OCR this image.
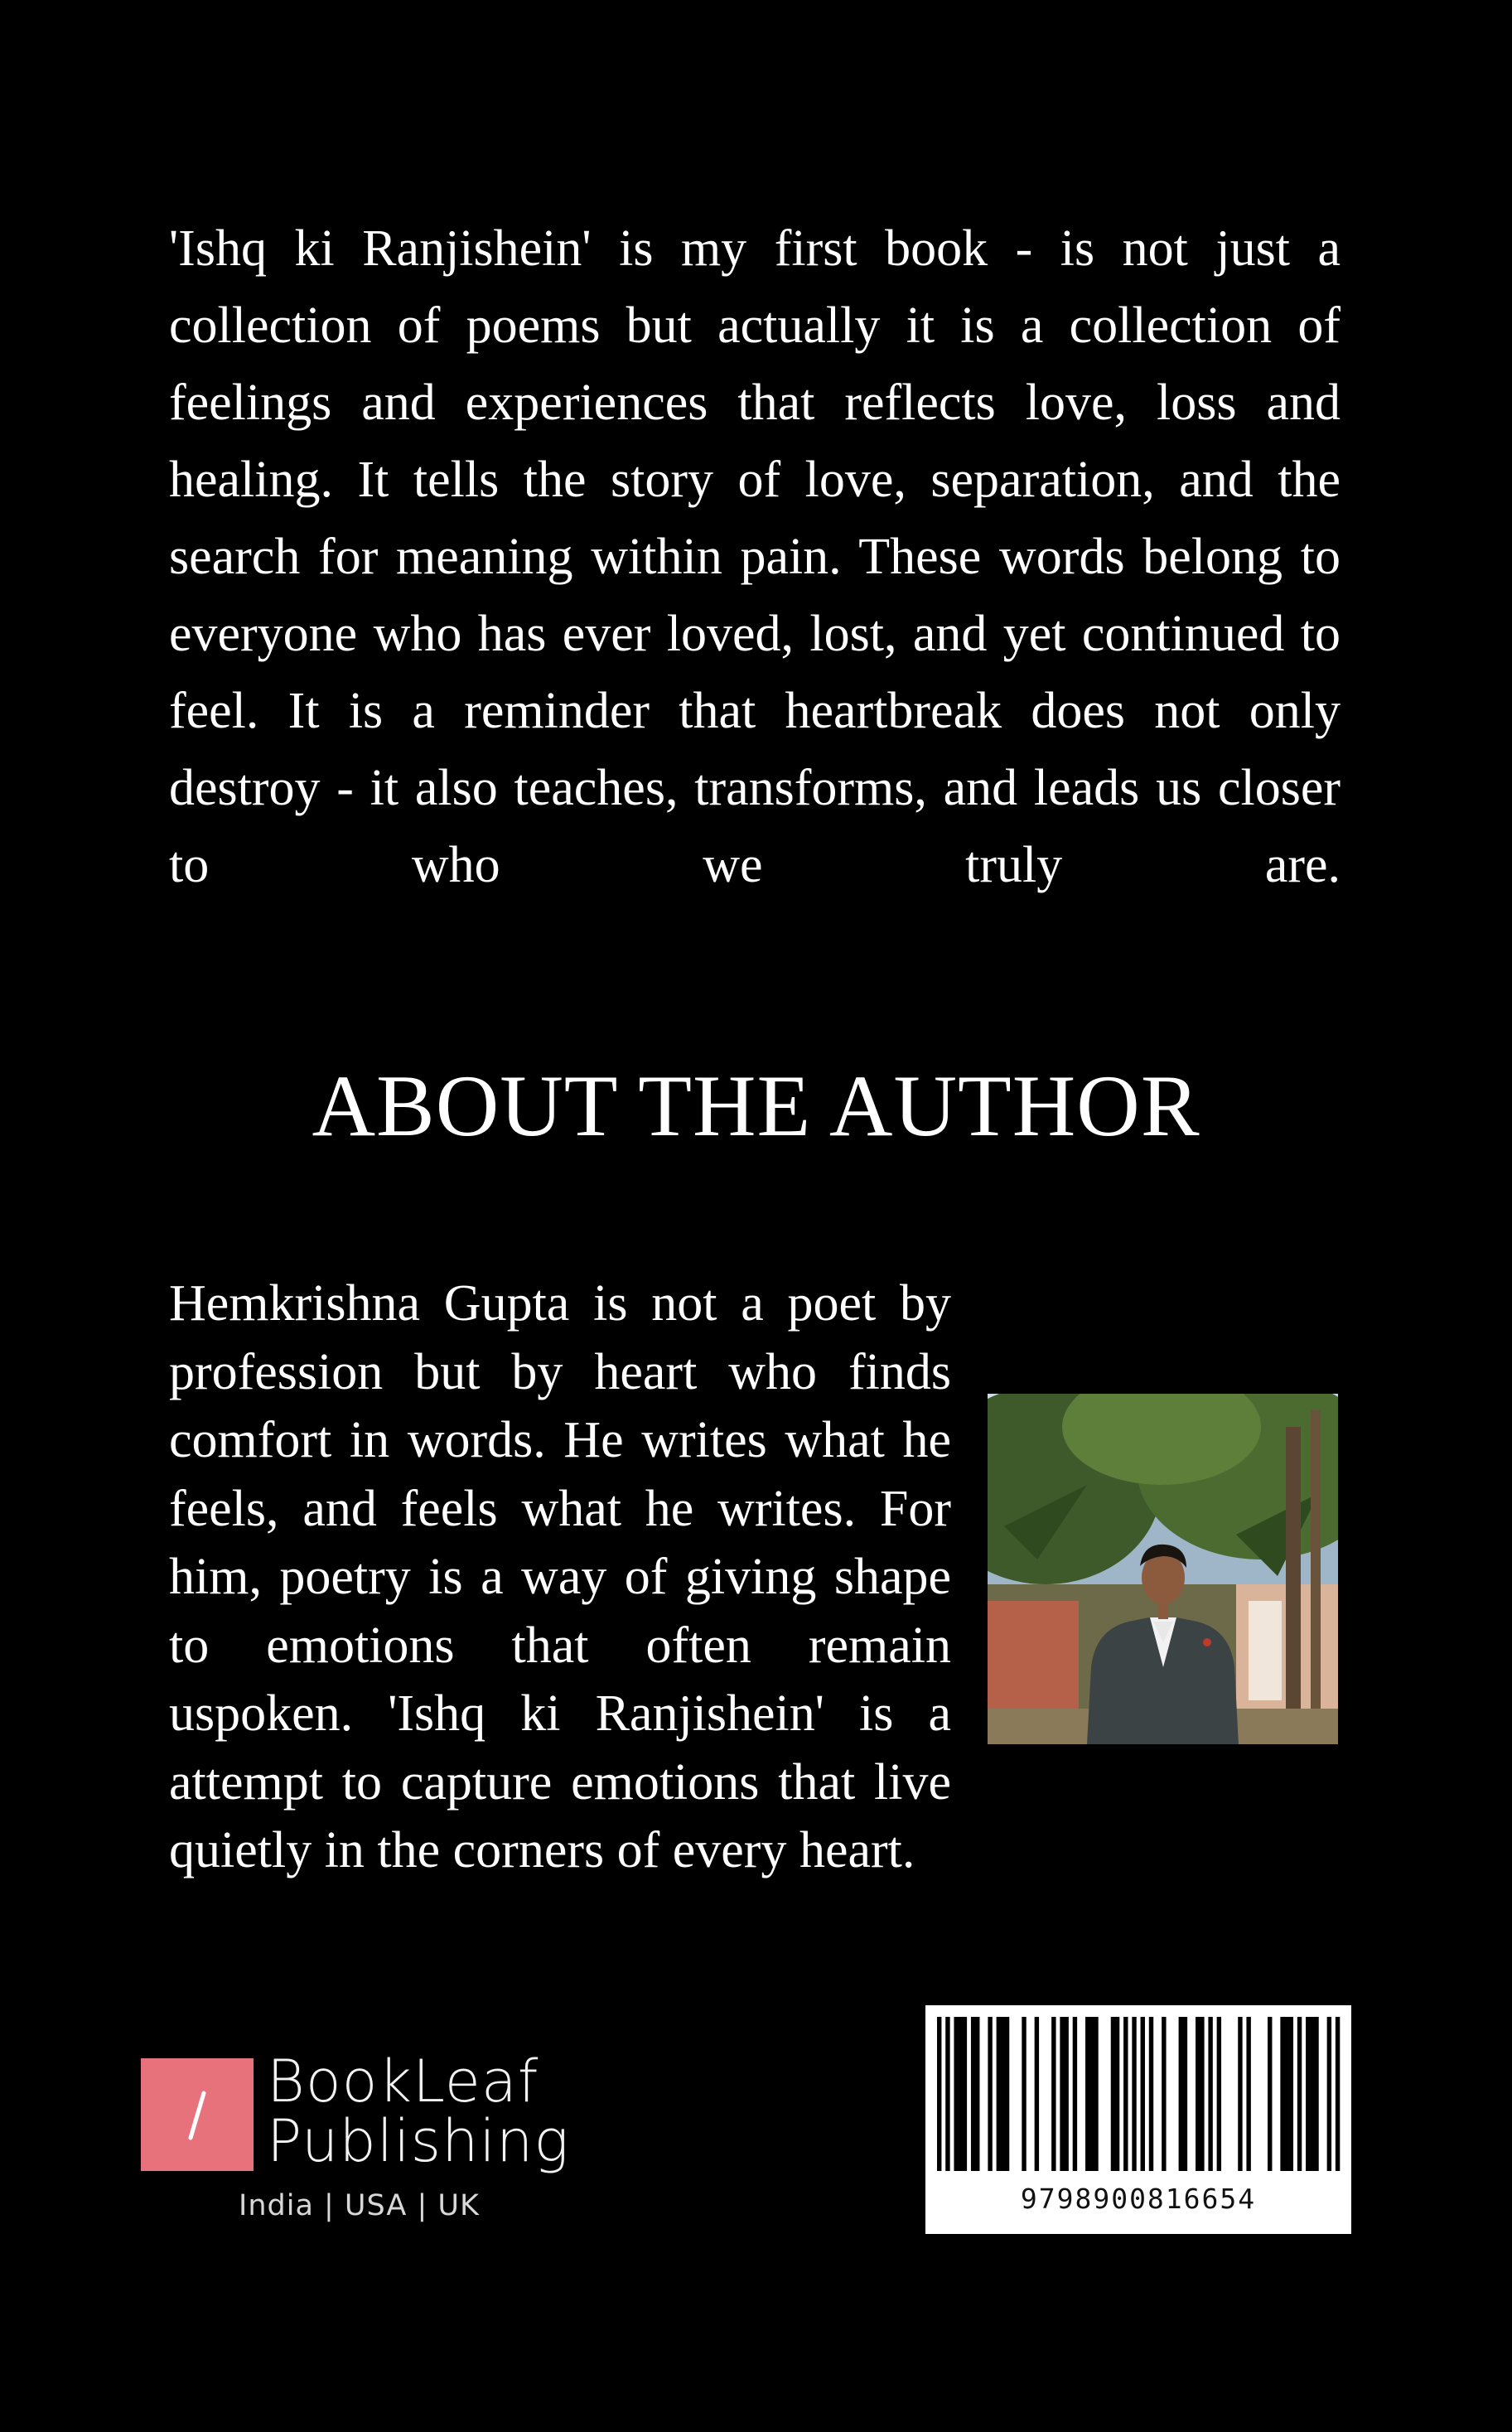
'Ishq ki Ranjishein' is my first book - is not just a collection of poems but actually it is a collection of feelings and experiences that reflects love, loss and healing. It tells the story of love, separation, and the search for meaning within pain. These words belong to everyone who has ever loved, lost, and yet continued to feel. It is a reminder that heartbreak does not only destroy - it also teaches, transforms, and leads us closer to who we truly are.

ABOUT THE AUTHOR

Hemkrishna Gupta is not a poet by profession but by heart who finds comfort in words. He writes what he feels, and feels what he writes. For him, poetry is a way of giving shape to emotions that often remain uspoken. 'Ishq ki Ranjishein' is a attempt to capture emotions that live quietly in the corners of every heart.

BookLeaf
Publishing

India | USA | UK	9798900816654
